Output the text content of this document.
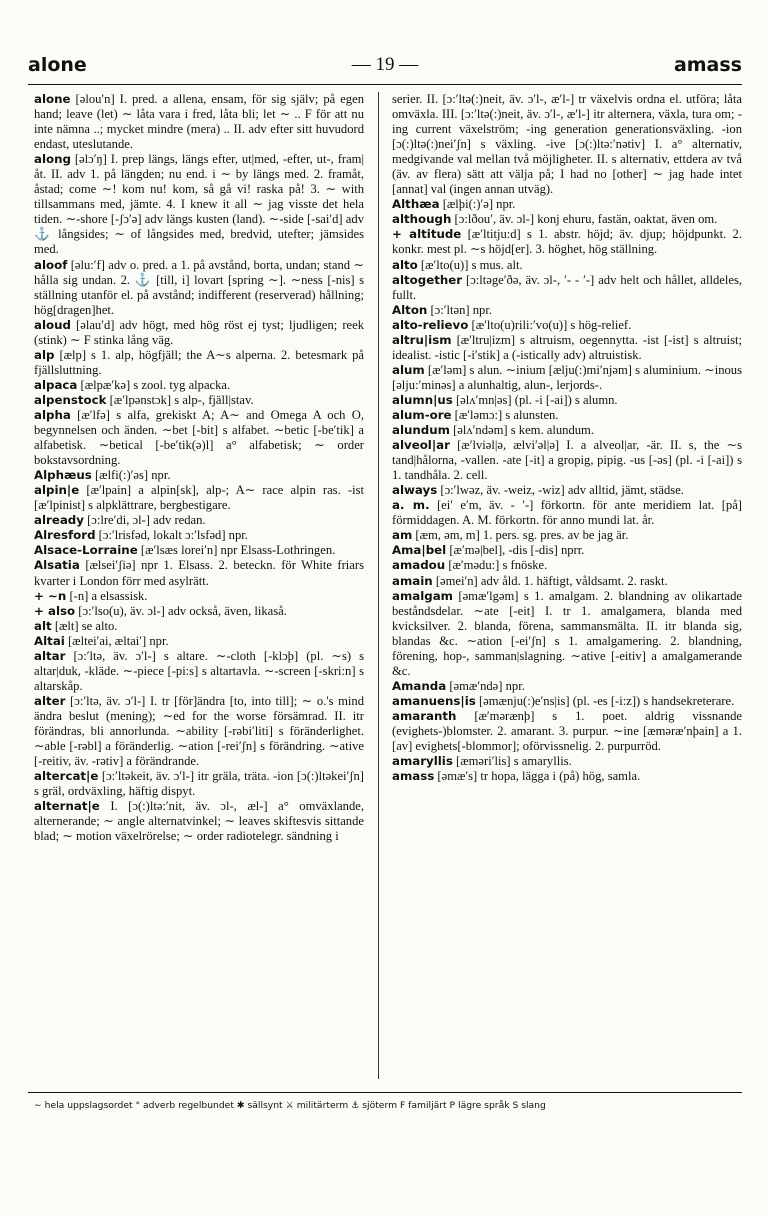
alone	— 19 —	amass

alone [əlou′n] I. pred. a allena, ensam, för sig själv; på egen hand; leave (let) ∼ låta vara i fred, låta bli; let ∼ .. F för att nu inte nämna ..; mycket mindre (mera) .. II. adv efter sitt huvudord endast, uteslutande.

along [əlɔ′ŋ] I. prep längs, längs efter, ut|med, -efter, ut-, fram|åt. II. adv 1. på längden; nu end. i ∼ by längs med. 2. framåt, åstad; come ∼! kom nu! kom, så gå vi! raska på! 3. ∼ with tillsammans med, jämte. 4. I knew it all ∼ jag visste det hela tiden. ∼-shore [-ʃɔ′ə] adv längs kusten (land). ∼-side [-sai′d] adv ⚓ långsides; ∼ of långsides med, bredvid, utefter; jämsides med.

aloof [əlu:′f] adv o. pred. a 1. på avstånd, borta, undan; stand ∼ hålla sig undan. 2. ⚓ [till, i] lovart [spring ∼]. ∼ness [-nis] s ställning utanför el. på avstånd; indifferent (reserverad) hållning; hög[dragen]het.

aloud [əlau′d] adv högt, med hög röst ej tyst; ljudligen; reek (stink) ∼ F stinka lång väg.

alp [ælp] s 1. alp, högfjäll; the A∼s alperna. 2. betesmark på fjällsluttning.

alpaca [ælpæ′kə] s zool. tyg alpacka.

alpenstock [æ′lpənstɔk] s alp-, fjäll|stav.

alpha [æ′lfə] s alfa, grekiskt A; A∼ and Omega A och O, begynnelsen och änden. ∼bet [-bit] s alfabet. ∼betic [-be′tik] a alfabetisk. ∼betical [-be′tik(ə)l] a° alfabetisk; ∼ order bokstavsordning.

Alphæus [ælfi(:)′əs] npr.

alpin|e [æ′lpain] a alpin[sk], alp-; A∼ race alpin ras. -ist [æ′lpinist] s alpklättrare, bergbestigare.

already [ɔ:lre′di, ɔl-] adv redan.

Alresford [ɔ:′lrisfəd, lokalt ɔ:′lsfəd] npr.

Alsace-Lorraine [æ′lsæs lorei′n] npr Elsass-Lothringen.

Alsatia [ælsei′ʃiə] npr 1. Elsass. 2. beteckn. för White friars kvarter i London förr med asylrätt.

+ ∼n [-n] a elsassisk.

+ also [ɔ:′lso(u), äv. ɔl-] adv också, även, likaså.

alt [ælt] se alto.

Altai [æltei′ai, æltai′] npr.

altar [ɔ:′ltə, äv. ɔ′l-] s altare. ∼-cloth [-klɔþ] (pl. ∼s) s altar|duk, -kläde. ∼-piece [-pi:s] s altartavla. ∼-screen [-skri:n] s altarskåp.

alter [ɔ:′ltə, äv. ɔ′l-] I. tr [för]ändra [to, into till]; ∼ o.'s mind ändra beslut (mening); ∼ed for the worse försämrad. II. itr förändras, bli annorlunda. ∼ability [-rəbi′liti] s föränderlighet. ∼able [-rəbl] a föränderlig. ∼ation [-rei′ʃn] s förändring. ∼ative [-reitiv, äv. -rətiv] a förändrande.

altercat|e [ɔ:′ltəkeit, äv. ɔ′l-] itr gräla, träta. -ion [ɔ(:)ltəkei′ʃn] s gräl, ordväxling, häftig dispyt.

alternat|e I. [ɔ(:)ltə:′nit, äv. ɔl-, æl-] a° omväxlande, alternerande; ∼ angle alternatvinkel; ∼ leaves skiftesvis sittande blad; ∼ motion växelrörelse; ∼ order radiotelegr. sändning i

serier. II. [ɔ:′ltə(:)neit, äv. ɔ′l-, æ′l-] tr växelvis ordna el. utföra; låta omväxla. III. [ɔ:′ltə(:)neit, äv. ɔ′l-, æ′l-] itr alternera, växla, tura om; -ing current växelström; -ing generation generationsväxling. -ion [ɔ(:)ltə(:)nei′ʃn] s växling. -ive [ɔ(:)ltə:′nətiv] I. a° alternativ, medgivande val mellan två möjligheter. II. s alternativ, ettdera av två (äv. av flera) sätt att välja på; I had no [other] ∼ jag hade intet [annat] val (ingen annan utväg).

Althæa [ælþi(:)′ə] npr.

although [ɔ:lðou′, äv. ɔl-] konj ehuru, fastän, oaktat, även om.

+ altitude [æ′ltitju:d] s 1. abstr. höjd; äv. djup; höjdpunkt. 2. konkr. mest pl. ∼s höjd[er]. 3. höghet, hög ställning.

alto [æ′lto(u)] s mus. alt.

altogether [ɔ:ltəge′ðə, äv. ɔl-, ′- - ′-] adv helt och hållet, alldeles, fullt.

Alton [ɔ:′ltən] npr.

alto-relievo [æ′lto(u)rili:′vo(u)] s hög-relief.

altru|ism [æ′ltru|izm] s altruism, oegennytta. -ist [-ist] s altruist; idealist. -istic [-i′stik] a (-istically adv) altruistisk.

alum [æ′ləm] s alun. ∼inium [ælju(:)mi′njəm] s aluminium. ∼inous [əlju:′minəs] a alunhaltig, alun-, lerjords-.

alumn|us [əlʌ′mn|əs] (pl. -i [-ai]) s alumn.

alum-ore [æ′ləmɔ:] s alunsten.

alundum [əlʌ′ndəm] s kem. alundum.

alveol|ar [æ′lviəl|ə, ælvi′əl|ə] I. a alveol|ar, -är. II. s, the ∼s tand|hålorna, -vallen. -ate [-it] a gropig, pipig. -us [-əs] (pl. -i [-ai]) s 1. tandhåla. 2. cell.

always [ɔ:′lwəz, äv. -weiz, -wiz] adv alltid, jämt, städse.

a. m. [ei′ e′m, äv. - ′-] förkortn. för ante meridiem lat. [på] förmiddagen. A. M. förkortn. för anno mundi lat. år.

am [æm, əm, m] 1. pers. sg. pres. av be jag är.

Ama|bel [æ′mə|bel], -dis [-dis] nprr.

amadou [æ′mədu:] s fnöske.

amain [əmei′n] adv åld. 1. häftigt, våldsamt. 2. raskt.

amalgam [əmæ′lgəm] s 1. amalgam. 2. blandning av olikartade beståndsdelar. ∼ate [-eit] I. tr 1. amalgamera, blanda med kvicksilver. 2. blanda, förena, sammansmälta. II. itr blanda sig, blandas &c. ∼ation [-ei′ʃn] s 1. amalgamering. 2. blandning, förening, hop-, samman|slagning. ∼ative [-eitiv] a amalgamerande &c.

Amanda [əmæ′ndə] npr.

amanuens|is [əmænju(:)e′ns|is] (pl. -es [-i:z]) s handsekreterare.

amaranth [æ′mərænþ] s 1. poet. aldrig vissnande (evighets-)blomster. 2. amarant. 3. purpur. ∼ine [æməræ′nþain] a 1. [av] evighets[-blommor]; oförvissnelig. 2. purpurröd.

amaryllis [æməri′lis] s amaryllis.

amass [əmæ′s] tr hopa, lägga i (på) hög, samla.

∼ hela uppslagsordet ° adverb regelbundet ✱ sällsynt ⚔ militärterm ⚓ sjöterm F familjärt P lägre språk S slang
